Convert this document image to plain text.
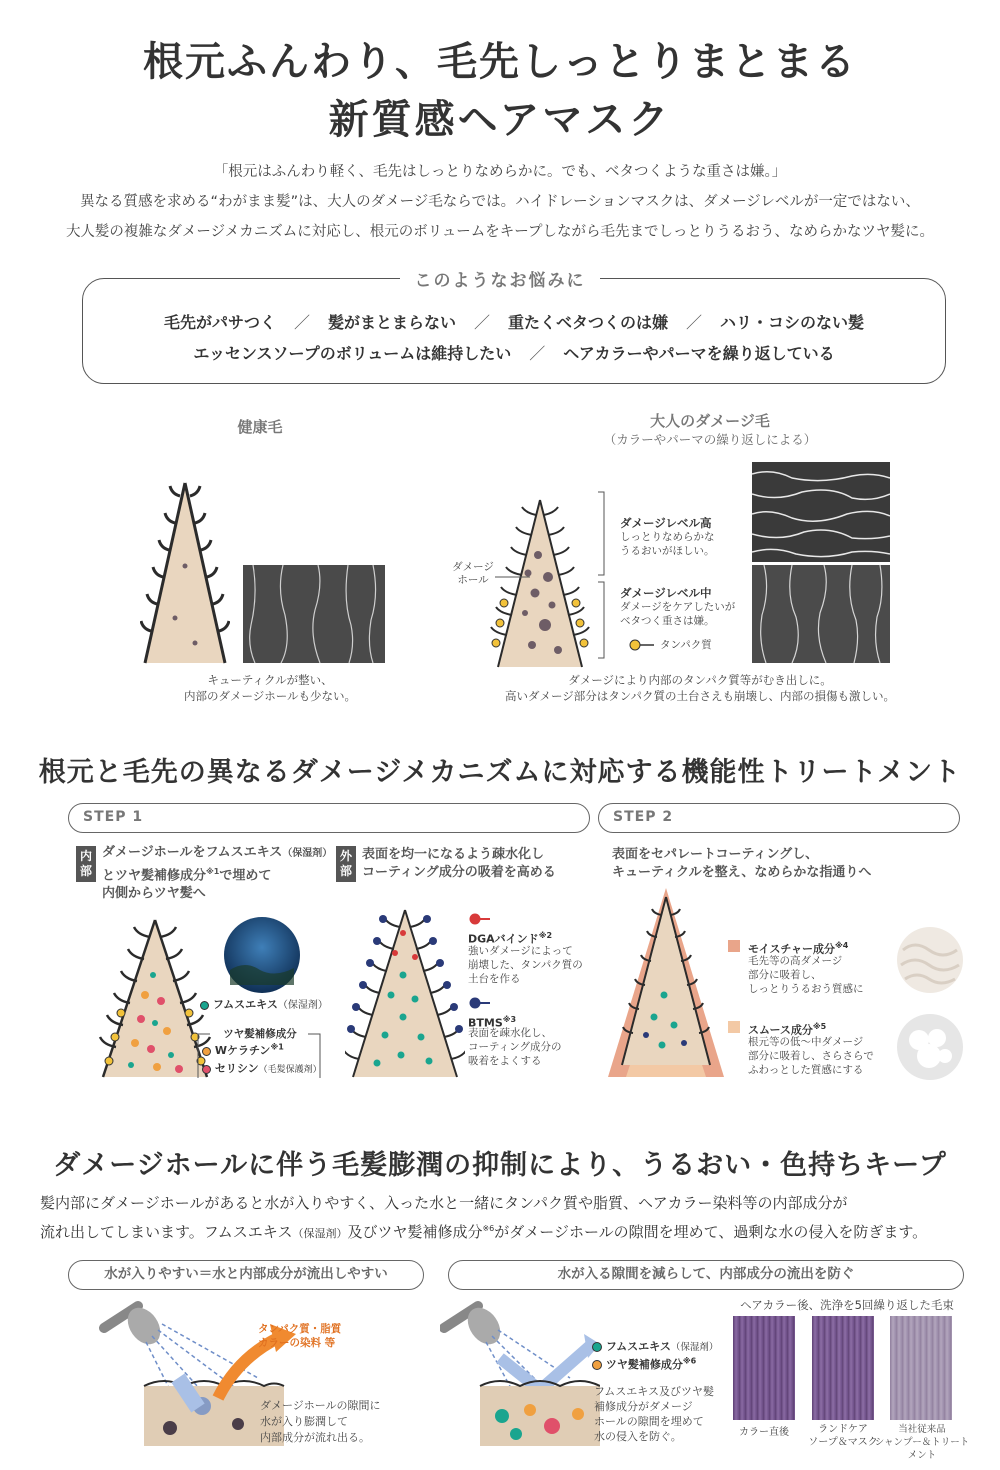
根元ふんわり、毛先しっとりまとまる
新質感ヘアマスク
「根元はふんわり軽く、毛先はしっとりなめらかに。でも、ベタつくような重さは嫌。」
異なる質感を求める“わがまま髪”は、大人のダメージ毛ならでは。ハイドレーションマスクは、ダメージレベルが一定ではない、
大人髪の複雑なダメージメカニズムに対応し、根元のボリュームをキープしながら毛先までしっとりうるおう、なめらかなツヤ髪に。
このようなお悩みに
毛先がパサつく ／ 髪がまとまらない ／ 重たくベタつくのは嫌 ／ ハリ・コシのない髪
エッセンスソープのボリュームは維持したい ／ ヘアカラーやパーマを繰り返している
健康毛	大人のダメージ毛
（カラーやパーマの繰り返しによる）
キューティクルが整い、
内部のダメージホールも少ない。
ダメージ
ホール
ダメージレベル高
しっとりなめらかな
うるおいがほしい。
ダメージレベル中
ダメージをケアしたいが
ベタつく重さは嫌。
タンパク質
ダメージにより内部のタンパク質等がむき出しに。
高いダメージ部分はタンパク質の土台さえも崩壊し、内部の損傷も激しい。
根元と毛先の異なるダメージメカニズムに対応する機能性トリートメント
STEP 1	STEP 2
内部
ダメージホールをフムスエキス（保湿剤）
とツヤ髪補修成分$^{※1}$で埋めて
内側からツヤ髪へ
フムスエキス（保湿剤）
ツヤ髪補修成分
Wケラチン$^{※1}$
セリシン（毛髪保護剤）
外部
表面を均一になるよう疎水化し
コーティング成分の吸着を高める
DGAバインド$^{※2}$
強いダメージによって
崩壊した、タンパク質の
土台を作る
BTMS$^{※3}$
表面を疎水化し、
コーティング成分の
吸着をよくする
表面をセパレートコーティングし、
キューティクルを整え、なめらかな指通りへ
モイスチャー成分$^{※4}$
毛先等の高ダメージ
部分に吸着し、
しっとりうるおう質感に
スムース成分$^{※5}$
根元等の低〜中ダメージ
部分に吸着し、さらさらで
ふわっとした質感にする
ダメージホールに伴う毛髪膨潤の抑制により、うるおい・色持ちキープ
髪内部にダメージホールがあると水が入りやすく、入った水と一緒にタンパク質や脂質、ヘアカラー染料等の内部成分が
流れ出してしまいます。フムスエキス（保湿剤）及びツヤ髪補修成分$^{※6}$がダメージホールの隙間を埋めて、過剰な水の侵入を防ぎます。
水が入りやすい＝水と内部成分が流出しやすい	水が入る隙間を減らして、内部成分の流出を防ぐ
タンパク質・脂質
カラーの染料 等
ダメージホールの隙間に
水が入り膨潤して
内部成分が流れ出る。
フムスエキス（保湿剤）
ツヤ髪補修成分$^{※6}$
フムスエキス及びツヤ髪
補修成分がダメージ
ホールの隙間を埋めて
水の侵入を防ぐ。
ヘアカラー後、洗浄を5回繰り返した毛束
カラー直後	ランドケア
ソープ＆マスク
当社従来品
シャンプー＆トリートメント
